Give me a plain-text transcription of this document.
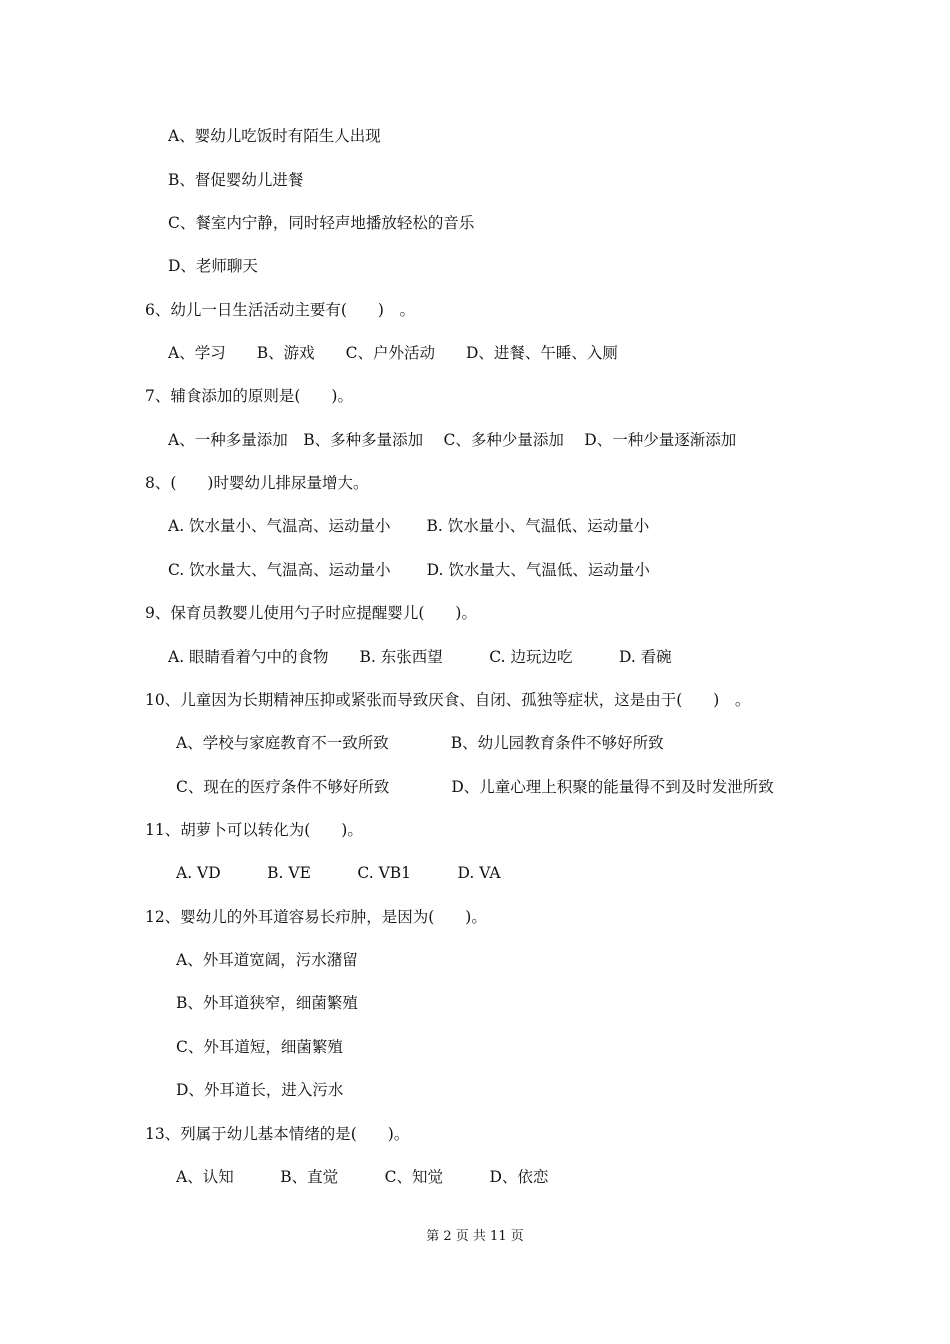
A、婴幼儿吃饭时有陌生人出现
B、督促婴幼儿进餐
C、餐室内宁静，同时轻声地播放轻松的音乐
D、老师聊天
6、幼儿一日生活活动主要有(　　)　。
A、学习　　B、游戏　　C、户外活动　　D、进餐、午睡、入厕
7、辅食添加的原则是(　　)。
A、一种多量添加　B、多种多量添加　 C、多种少量添加　 D、一种少量逐渐添加
8、(　　)时婴幼儿排尿量增大。
A. 饮水量小、气温高、运动量小　　 B. 饮水量小、气温低、运动量小
C. 饮水量大、气温高、运动量小　　 D. 饮水量大、气温低、运动量小
9、保育员教婴儿使用勺子时应提醒婴儿(　　)。
A. 眼睛看着勺中的食物　　B. 东张西望　　　C. 边玩边吃　　　D. 看碗
10、儿童因为长期精神压抑或紧张而导致厌食、自闭、孤独等症状，这是由于(　　)　。
A、学校与家庭教育不一致所致　　　　B、幼儿园教育条件不够好所致
C、现在的医疗条件不够好所致　　　　D、儿童心理上积聚的能量得不到及时发泄所致
11、胡萝卜可以转化为(　　)。
A. VD　　　B. VE　　　C. VB1　　　D. VA
12、婴幼儿的外耳道容易长疖肿，是因为(　　)。
A、外耳道宽阔，污水潴留
B、外耳道狭窄，细菌繁殖
C、外耳道短，细菌繁殖
D、外耳道长，进入污水
13、列属于幼儿基本情绪的是(　　)。
A、认知　　　B、直觉　　　C、知觉　　　D、依恋
第 2 页 共 11 页
